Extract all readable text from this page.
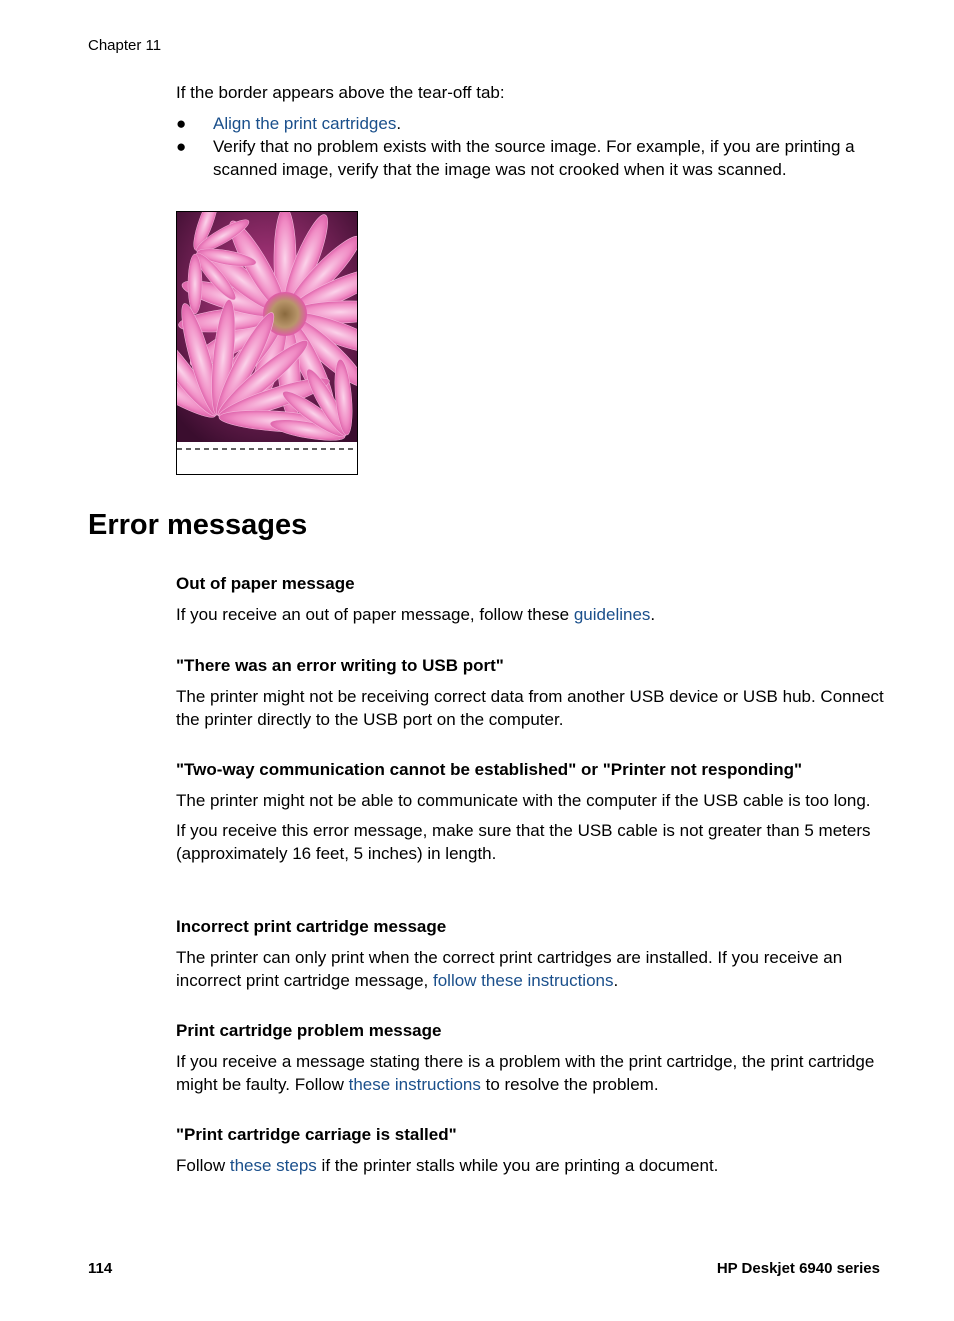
Chapter 11
If the border appears above the tear-off tab:
● Align the print cartridges.
● Verify that no problem exists with the source image. For example, if you are printing a scanned image, verify that the image was not crooked when it was scanned.
Error messages
Out of paper message

If you receive an out of paper message, follow these guidelines.

"There was an error writing to USB port"

The printer might not be receiving correct data from another USB device or USB hub. Connect the printer directly to the USB port on the computer.

"Two-way communication cannot be established" or "Printer not responding"

The printer might not be able to communicate with the computer if the USB cable is too long.

If you receive this error message, make sure that the USB cable is not greater than 5 meters (approximately 16 feet, 5 inches) in length.

Incorrect print cartridge message

The printer can only print when the correct print cartridges are installed. If you receive an incorrect print cartridge message, follow these instructions.

Print cartridge problem message

If you receive a message stating there is a problem with the print cartridge, the print cartridge might be faulty. Follow these instructions to resolve the problem.

"Print cartridge carriage is stalled"

Follow these steps if the printer stalls while you are printing a document.

114	HP Deskjet 6940 series
